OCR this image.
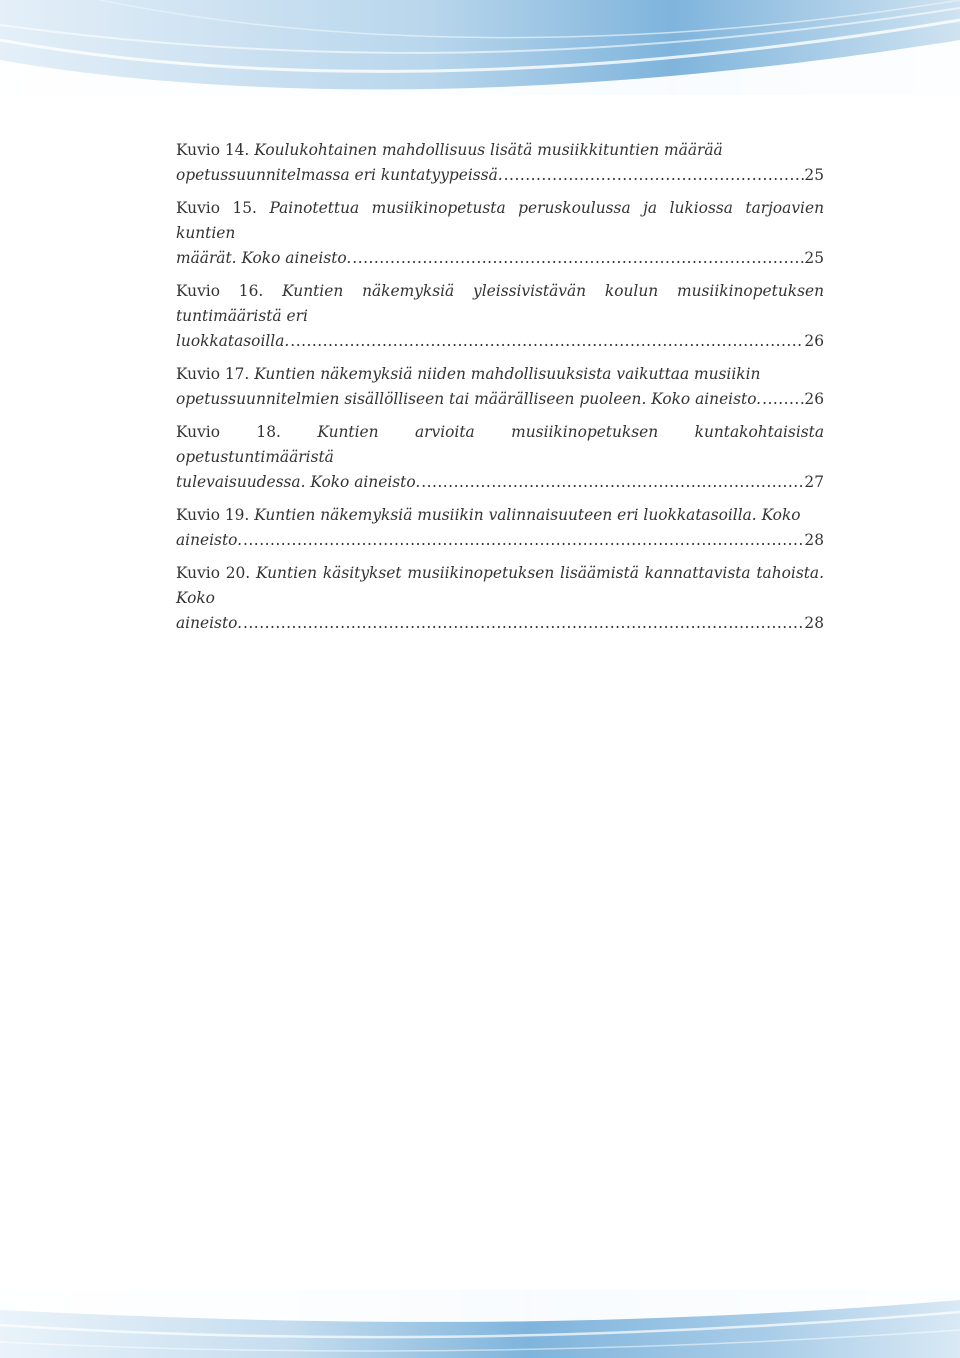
Kuvio 14. Koulukohtainen mahdollisuus lisätä musiikkituntien määrää
opetussuunnitelmassa eri kuntatyypeissä. .....	25
Kuvio 15. Painotettua musiikinopetusta peruskoulussa ja lukiossa tarjoavien kuntien
määrät. Koko aineisto. .....	25
Kuvio 16. Kuntien näkemyksiä yleissivistävän koulun musiikinopetuksen tuntimääristä eri
luokkatasoilla. .....	26
Kuvio 17. Kuntien näkemyksiä niiden mahdollisuuksista vaikuttaa musiikin
opetussuunnitelmien sisällölliseen tai määrälliseen puoleen. Koko aineisto. .....	26
Kuvio 18. Kuntien arvioita musiikinopetuksen kuntakohtaisista opetustuntimääristä
tulevaisuudessa. Koko aineisto. .....	27
Kuvio 19. Kuntien näkemyksiä musiikin valinnaisuuteen eri luokkatasoilla. Koko
aineisto. .....	28
Kuvio 20. Kuntien käsitykset musiikinopetuksen lisäämistä kannattavista tahoista. Koko
aineisto. .....	28
